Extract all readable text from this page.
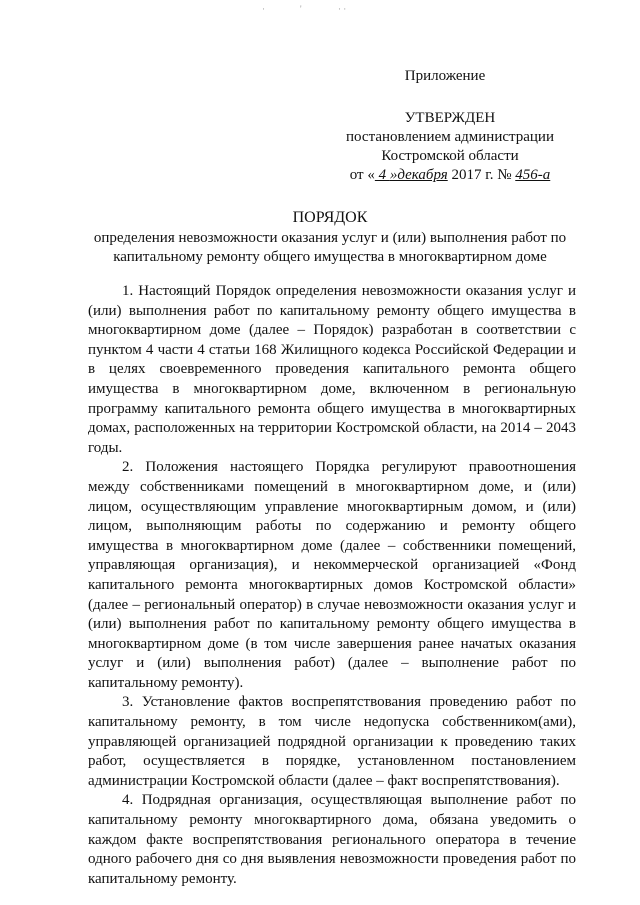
·	'	· ·
Приложение
УТВЕРЖДЕН
постановлением администрации
Костромской области
от « 4 »декабря 2017 г. № 456-а
ПОРЯДОК
определения невозможности оказания услуг и (или) выполнения работ по капитальному ремонту общего имущества в многоквартирном доме

1. Настоящий Порядок определения невозможности оказания услуг и (или) выполнения работ по капитальному ремонту общего имущества в многоквартирном доме (далее – Порядок) разработан в соответствии с пунктом 4 части 4 статьи 168 Жилищного кодекса Российской Федерации и в целях своевременного проведения капитального ремонта общего имущества в многоквартирном доме, включенном в региональную программу капитального ремонта общего имущества в многоквартирных домах, расположенных на территории Костромской области, на 2014 – 2043 годы.

2. Положения настоящего Порядка регулируют правоотношения между собственниками помещений в многоквартирном доме, и (или) лицом, осуществляющим управление многоквартирным домом, и (или) лицом, выполняющим работы по содержанию и ремонту общего имущества в многоквартирном доме (далее – собственники помещений, управляющая организация), и некоммерческой организацией «Фонд капитального ремонта многоквартирных домов Костромской области» (далее – региональный оператор) в случае невозможности оказания услуг и (или) выполнения работ по капитальному ремонту общего имущества в многоквартирном доме (в том числе завершения ранее начатых оказания услуг и (или) выполнения работ) (далее – выполнение работ по капитальному ремонту).

3. Установление фактов воспрепятствования проведению работ по капитальному ремонту, в том числе недопуска собственником(ами), управляющей организацией подрядной организации к проведению таких работ, осуществляется в порядке, установленном постановлением администрации Костромской области (далее – факт воспрепятствования).

4. Подрядная организация, осуществляющая выполнение работ по капитальному ремонту многоквартирного дома, обязана уведомить о каждом факте воспрепятствования регионального оператора в течение одного рабочего дня со дня выявления невозможности проведения работ по капитальному ремонту.
